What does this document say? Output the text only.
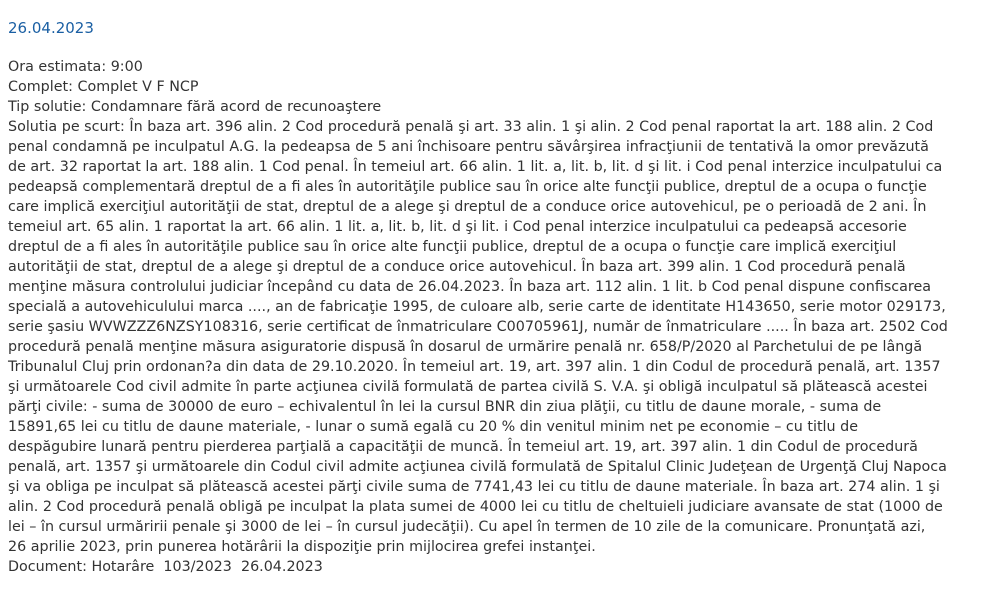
26.04.2023

Ora estimata: 9:00

Complet: Complet V F NCP

Tip solutie: Condamnare fără acord de recunoaştere

Solutia pe scurt: În baza art. 396 alin. 2 Cod procedură penală şi art. 33 alin. 1 şi alin. 2 Cod penal raportat la art. 188 alin. 2 Cod penal condamnă pe inculpatul A.G. la pedeapsa de 5 ani închisoare pentru săvârşirea infracţiunii de tentativă la omor prevăzută de art. 32 raportat la art. 188 alin. 1 Cod penal. În temeiul art. 66 alin. 1 lit. a, lit. b, lit. d şi lit. i Cod penal interzice inculpatului ca pedeapsă complementară dreptul de a fi ales în autorităţile publice sau în orice alte funcţii publice, dreptul de a ocupa o funcţie care implică exerciţiul autorităţii de stat, dreptul de a alege şi dreptul de a conduce orice autovehicul, pe o perioadă de 2 ani. În temeiul art. 65 alin. 1 raportat la art. 66 alin. 1 lit. a, lit. b, lit. d şi lit. i Cod penal interzice inculpatului ca pedeapsă accesorie dreptul de a fi ales în autorităţile publice sau în orice alte funcţii publice, dreptul de a ocupa o funcţie care implică exerciţiul autorităţii de stat, dreptul de a alege şi dreptul de a conduce orice autovehicul. În baza art. 399 alin. 1 Cod procedură penală menţine măsura controlului judiciar începând cu data de 26.04.2023. În baza art. 112 alin. 1 lit. b Cod penal dispune confiscarea specială a autovehiculului marca ...., an de fabricaţie 1995, de culoare alb, serie carte de identitate H143650, serie motor 029173, serie şasiu WVWZZZ6NZSY108316, serie certificat de înmatriculare C00705961J, număr de înmatriculare ..... În baza art. 2502 Cod procedură penală menţine măsura asiguratorie dispusă în dosarul de urmărire penală nr. 658/P/2020 al Parchetului de pe lângă Tribunalul Cluj prin ordonan?a din data de 29.10.2020. În temeiul art. 19, art. 397 alin. 1 din Codul de procedură penală, art. 1357 şi următoarele Cod civil admite în parte acţiunea civilă formulată de partea civilă S. V.A. şi obligă inculpatul să plătească acestei părţi civile: - suma de 30000 de euro – echivalentul în lei la cursul BNR din ziua plăţii, cu titlu de daune morale, - suma de 15891,65 lei cu titlu de daune materiale, - lunar o sumă egală cu 20 % din venitul minim net pe economie – cu titlu de despăgubire lunară pentru pierderea parţială a capacităţii de muncă. În temeiul art. 19, art. 397 alin. 1 din Codul de procedură penală, art. 1357 şi următoarele din Codul civil admite acţiunea civilă formulată de Spitalul Clinic Judeţean de Urgenţă Cluj Napoca şi va obliga pe inculpat să plătească acestei părţi civile suma de 7741,43 lei cu titlu de daune materiale. În baza art. 274 alin. 1 şi alin. 2 Cod procedură penală obligă pe inculpat la plata sumei de 4000 lei cu titlu de cheltuieli judiciare avansate de stat (1000 de lei – în cursul urmăririi penale şi 3000 de lei – în cursul judecăţii). Cu apel în termen de 10 zile de la comunicare. Pronunţată azi, 26 aprilie 2023, prin punerea hotărârii la dispoziţie prin mijlocirea grefei instanţei.

Document: Hotarâre  103/2023  26.04.2023
